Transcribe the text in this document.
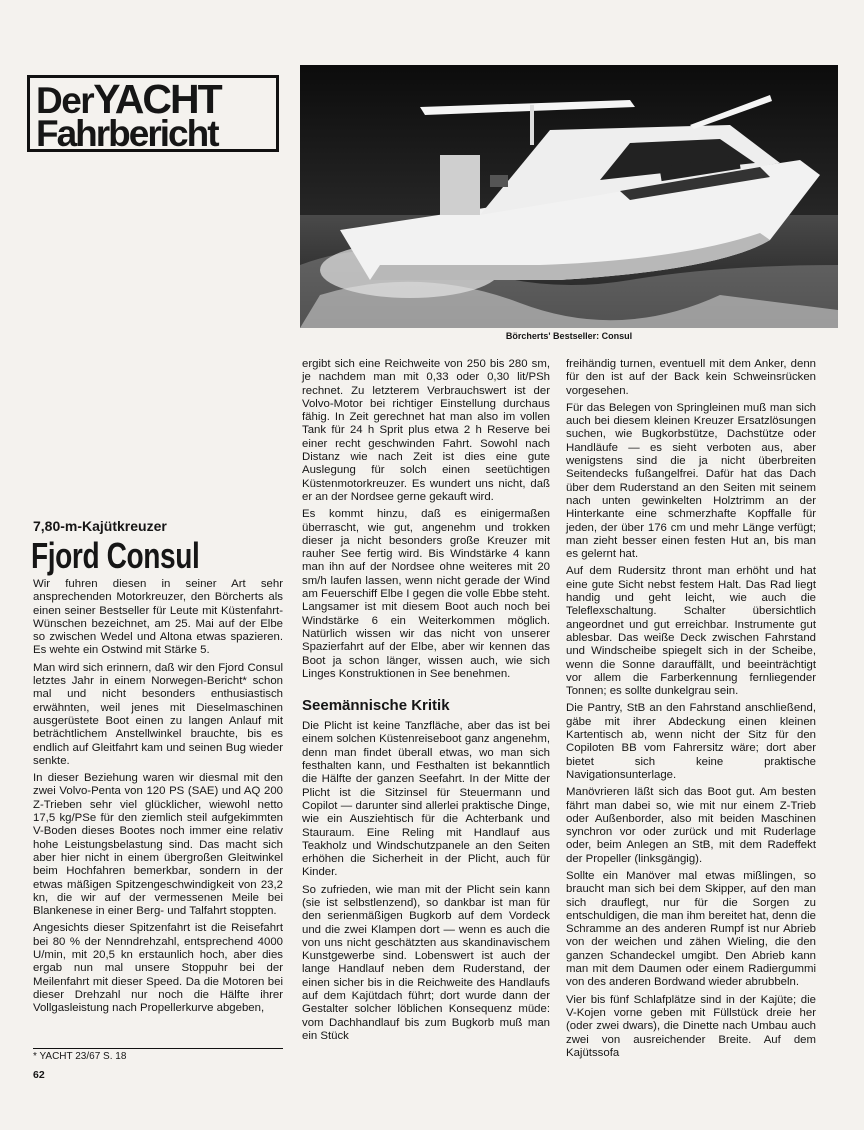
DerYACHT
Fahrbericht
Börcherts' Bestseller: Consul
7,80-m-Kajütkreuzer
Fjord Consul

Wir fuhren diesen in seiner Art sehr ansprechenden Motorkreuzer, den Börcherts als einen seiner Bestseller für Leute mit Küstenfahrt-Wünschen bezeichnet, am 25. Mai auf der Elbe so zwischen Wedel und Altona etwas spazieren. Es wehte ein Ostwind mit Stärke 5.

Man wird sich erinnern, daß wir den Fjord Consul letztes Jahr in einem Norwegen-Bericht* schon mal und nicht besonders enthusiastisch erwähnten, weil jenes mit Dieselmaschinen ausgerüstete Boot einen zu langen Anlauf mit beträchtlichem Anstellwinkel brauchte, bis es endlich auf Gleitfahrt kam und seinen Bug wieder senkte.

In dieser Beziehung waren wir diesmal mit den zwei Volvo-Penta von 120 PS (SAE) und AQ 200 Z-Trieben sehr viel glücklicher, wiewohl netto 17,5 kg/PSe für den ziemlich steil aufgekimmten V-Boden dieses Bootes noch immer eine relativ hohe Leistungsbelastung sind. Das macht sich aber hier nicht in einem übergroßen Gleitwinkel beim Hochfahren bemerkbar, sondern in der etwas mäßigen Spitzengeschwindigkeit von 23,2 kn, die wir auf der vermessenen Meile bei Blankenese in einer Berg- und Talfahrt stoppten.

Angesichts dieser Spitzenfahrt ist die Reisefahrt bei 80 % der Nenndrehzahl, entsprechend 4000 U/min, mit 20,5 kn erstaunlich hoch, aber dies ergab nun mal unsere Stoppuhr bei der Meilenfahrt mit dieser Speed. Da die Motoren bei dieser Drehzahl nur noch die Hälfte ihrer Vollgasleistung nach Propellerkurve abgeben,

* YACHT 23/67 S. 18
62

ergibt sich eine Reichweite von 250 bis 280 sm, je nachdem man mit 0,33 oder 0,30 lit/PSh rechnet. Zu letzterem Verbrauchswert ist der Volvo-Motor bei richtiger Einstellung durchaus fähig. In Zeit gerechnet hat man also im vollen Tank für 24 h Sprit plus etwa 2 h Reserve bei einer recht geschwinden Fahrt. Sowohl nach Distanz wie nach Zeit ist dies eine gute Auslegung für solch einen seetüchtigen Küstenmotorkreuzer. Es wundert uns nicht, daß er an der Nordsee gerne gekauft wird.

Es kommt hinzu, daß es einigermaßen überrascht, wie gut, angenehm und trokken dieser ja nicht besonders große Kreuzer mit rauher See fertig wird. Bis Windstärke 4 kann man ihn auf der Nordsee ohne weiteres mit 20 sm/h laufen lassen, wenn nicht gerade der Wind am Feuerschiff Elbe I gegen die volle Ebbe steht. Langsamer ist mit diesem Boot auch noch bei Windstärke 6 ein Weiterkommen möglich. Natürlich wissen wir das nicht von unserer Spazierfahrt auf der Elbe, aber wir kennen das Boot ja schon länger, wissen auch, wie sich Linges Konstruktionen in See benehmen.

Seemännische Kritik

Die Plicht ist keine Tanzfläche, aber das ist bei einem solchen Küstenreiseboot ganz angenehm, denn man findet überall etwas, wo man sich festhalten kann, und Festhalten ist bekanntlich die Hälfte der ganzen Seefahrt. In der Mitte der Plicht ist die Sitzinsel für Steuermann und Copilot — darunter sind allerlei praktische Dinge, wie ein Ausziehtisch für die Achterbank und Stauraum. Eine Reling mit Handlauf aus Teakholz und Windschutzpanele an den Seiten erhöhen die Sicherheit in der Plicht, auch für Kinder.

So zufrieden, wie man mit der Plicht sein kann (sie ist selbstlenzend), so dankbar ist man für den serienmäßigen Bugkorb auf dem Vordeck und die zwei Klampen dort — wenn es auch die von uns nicht geschätzten aus skandinavischem Kunstgewerbe sind. Lobenswert ist auch der lange Handlauf neben dem Ruderstand, der einen sicher bis in die Reichweite des Handlaufs auf dem Kajütdach führt; dort wurde dann der Gestalter solcher löblichen Konsequenz müde: vom Dachhandlauf bis zum Bugkorb muß man ein Stück

freihändig turnen, eventuell mit dem Anker, denn für den ist auf der Back kein Schweinsrücken vorgesehen.

Für das Belegen von Springleinen muß man sich auch bei diesem kleinen Kreuzer Ersatzlösungen suchen, wie Bugkorbstütze, Dachstütze oder Handläufe — es sieht verboten aus, aber wenigstens sind die ja nicht überbreiten Seitendecks fußangelfrei. Dafür hat das Dach über dem Ruderstand an den Seiten mit seinem nach unten gewinkelten Holztrimm an der Hinterkante eine schmerzhafte Kopffalle für jeden, der über 176 cm und mehr Länge verfügt; man zieht besser einen festen Hut an, bis man es gelernt hat.

Auf dem Rudersitz thront man erhöht und hat eine gute Sicht nebst festem Halt. Das Rad liegt handig und geht leicht, wie auch die Teleflexschaltung. Schalter übersichtlich angeordnet und gut erreichbar. Instrumente gut ablesbar. Das weiße Deck zwischen Fahrstand und Windscheibe spiegelt sich in der Scheibe, wenn die Sonne darauffällt, und beeinträchtigt vor allem die Farberkennung fernliegender Tonnen; es sollte dunkelgrau sein.

Die Pantry, StB an den Fahrstand anschließend, gäbe mit ihrer Abdeckung einen kleinen Kartentisch ab, wenn nicht der Sitz für den Copiloten BB vom Fahrersitz wäre; dort aber bietet sich keine praktische Navigationsunterlage.

Manövrieren läßt sich das Boot gut. Am besten fährt man dabei so, wie mit nur einem Z-Trieb oder Außenborder, also mit beiden Maschinen synchron vor oder zurück und mit Ruderlage oder, beim Anlegen an StB, mit dem Radeffekt der Propeller (linksgängig).

Sollte ein Manöver mal etwas mißlingen, so braucht man sich bei dem Skipper, auf den man sich drauflegt, nur für die Sorgen zu entschuldigen, die man ihm bereitet hat, denn die Schramme an des anderen Rumpf ist nur Abrieb von der weichen und zähen Wieling, die den ganzen Schandeckel umgibt. Den Abrieb kann man mit dem Daumen oder einem Radiergummi von des anderen Bordwand wieder abrubbeln.

Vier bis fünf Schlafplätze sind in der Kajüte; die V-Kojen vorne geben mit Füllstück dreie her (oder zwei dwars), die Dinette nach Umbau auch zwei von ausreichender Breite. Auf dem Kajütssofa
